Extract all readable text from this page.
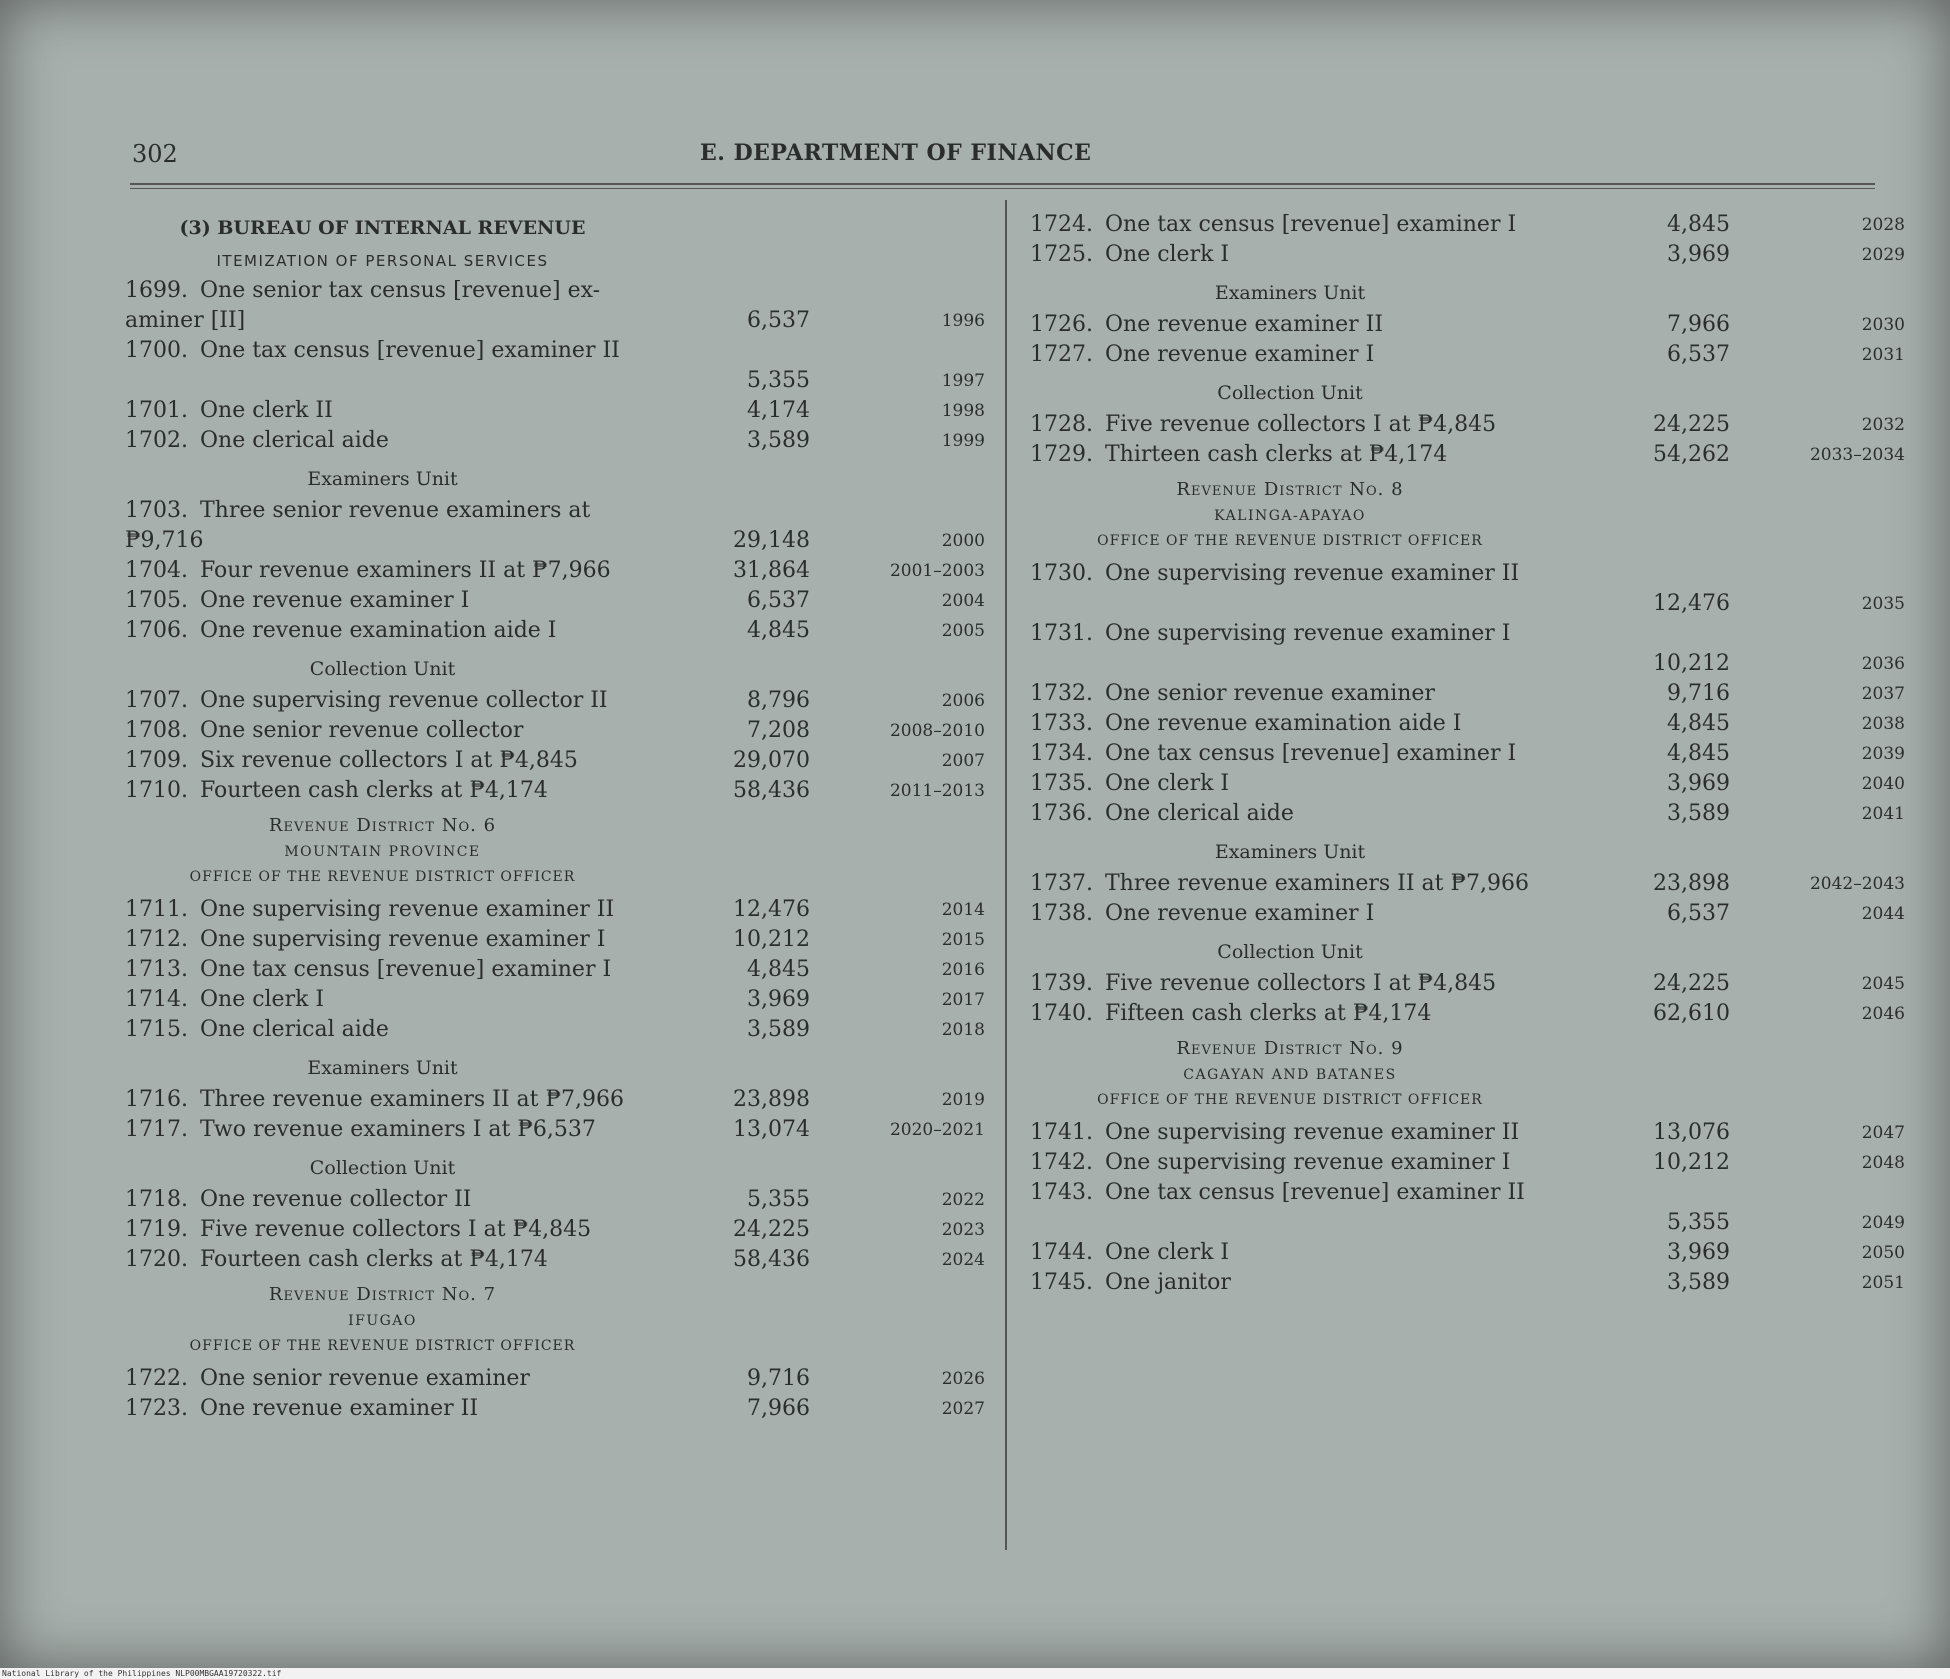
302	E. DEPARTMENT OF FINANCE
(3) BUREAU OF INTERNAL REVENUE
ITEMIZATION OF PERSONAL SERVICES
1699. One senior tax census [revenue] ex- aminer [II]	6,537	1996
1700. One tax census [revenue] examiner II
5,355	1997
1701. One clerk II	4,174	1998
1702. One clerical aide	3,589	1999
Examiners Unit
1703. Three senior revenue examiners at ₱9,716	29,148	2000
1704. Four revenue examiners II at ₱7,966	31,864	2001–2003
1705. One revenue examiner I	6,537	2004
1706. One revenue examination aide I	4,845	2005
Collection Unit
1707. One supervising revenue collector II	8,796	2006
1708. One senior revenue collector	7,208	2008–2010
1709. Six revenue collectors I at ₱4,845	29,070	2007
1710. Fourteen cash clerks at ₱4,174	58,436	2011–2013
Revenue District No. 6
MOUNTAIN PROVINCE
OFFICE OF THE REVENUE DISTRICT OFFICER
1711. One supervising revenue examiner II	12,476	2014
1712. One supervising revenue examiner I	10,212	2015
1713. One tax census [revenue] examiner I	4,845	2016
1714. One clerk I	3,969	2017
1715. One clerical aide	3,589	2018
Examiners Unit
1716. Three revenue examiners II at ₱7,966	23,898	2019
1717. Two revenue examiners I at ₱6,537	13,074	2020–2021
Collection Unit
1718. One revenue collector II	5,355	2022
1719. Five revenue collectors I at ₱4,845	24,225	2023
1720. Fourteen cash clerks at ₱4,174	58,436	2024
Revenue District No. 7
IFUGAO
OFFICE OF THE REVENUE DISTRICT OFFICER
1722. One senior revenue examiner	9,716	2026
1723. One revenue examiner II	7,966	2027
1724. One tax census [revenue] examiner I	4,845	2028
1725. One clerk I	3,969	2029
Examiners Unit
1726. One revenue examiner II	7,966	2030
1727. One revenue examiner I	6,537	2031
Collection Unit
1728. Five revenue collectors I at ₱4,845	24,225	2032
1729. Thirteen cash clerks at ₱4,174	54,262	2033–2034
Revenue District No. 8
KALINGA-APAYAO
OFFICE OF THE REVENUE DISTRICT OFFICER
1730. One supervising revenue examiner II
12,476	2035
1731. One supervising revenue examiner I
10,212	2036
1732. One senior revenue examiner	9,716	2037
1733. One revenue examination aide I	4,845	2038
1734. One tax census [revenue] examiner I	4,845	2039
1735. One clerk I	3,969	2040
1736. One clerical aide	3,589	2041
Examiners Unit
1737. Three revenue examiners II at ₱7,966	23,898	2042–2043
1738. One revenue examiner I	6,537	2044
Collection Unit
1739. Five revenue collectors I at ₱4,845	24,225	2045
1740. Fifteen cash clerks at ₱4,174	62,610	2046
Revenue District No. 9
CAGAYAN AND BATANES
OFFICE OF THE REVENUE DISTRICT OFFICER
1741. One supervising revenue examiner II	13,076	2047
1742. One supervising revenue examiner I	10,212	2048
1743. One tax census [revenue] examiner II
5,355	2049
1744. One clerk I	3,969	2050
1745. One janitor	3,589	2051
National Library of the Philippines NLP00MBGAA19720322.tif
